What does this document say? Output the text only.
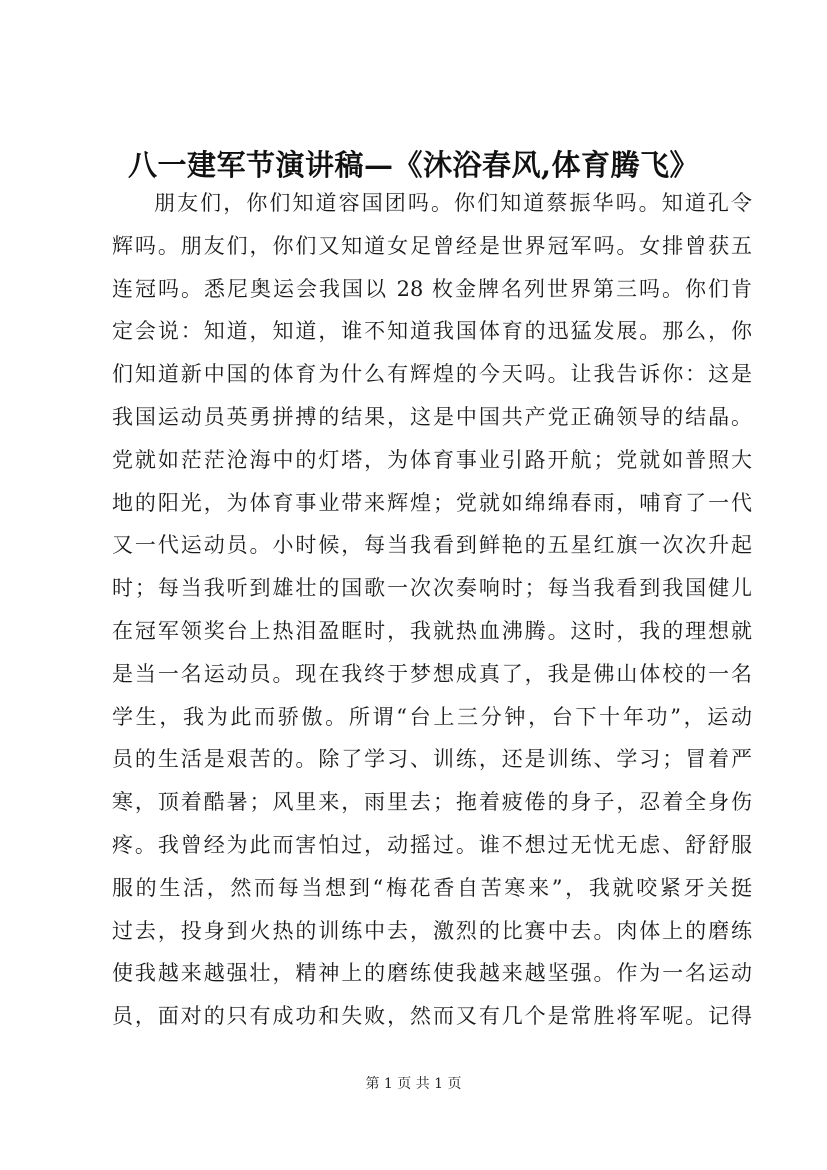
八一建军节演讲稿—《沐浴春风,体育腾飞》
朋友们，你们知道容国团吗。你们知道蔡振华吗。知道孔令
辉吗。朋友们，你们又知道女足曾经是世界冠军吗。女排曾获五
连冠吗。悉尼奥运会我国以 28 枚金牌名列世界第三吗。你们肯
定会说：知道，知道，谁不知道我国体育的迅猛发展。那么，你
们知道新中国的体育为什么有辉煌的今天吗。让我告诉你：这是
我国运动员英勇拼搏的结果，这是中国共产党正确领导的结晶。
党就如茫茫沧海中的灯塔，为体育事业引路开航；党就如普照大
地的阳光，为体育事业带来辉煌；党就如绵绵春雨，哺育了一代
又一代运动员。小时候，每当我看到鲜艳的五星红旗一次次升起
时；每当我听到雄壮的国歌一次次奏响时；每当我看到我国健儿
在冠军领奖台上热泪盈眶时，我就热血沸腾。这时，我的理想就
是当一名运动员。现在我终于梦想成真了，我是佛山体校的一名
学生，我为此而骄傲。所谓“台上三分钟，台下十年功”，运动
员的生活是艰苦的。除了学习、训练，还是训练、学习；冒着严
寒，顶着酷暑；风里来，雨里去；拖着疲倦的身子，忍着全身伤
疼。我曾经为此而害怕过，动摇过。谁不想过无忧无虑、舒舒服
服的生活，然而每当想到“梅花香自苦寒来”，我就咬紧牙关挺
过去，投身到火热的训练中去，激烈的比赛中去。肉体上的磨练
使我越来越强壮，精神上的磨练使我越来越坚强。作为一名运动
员，面对的只有成功和失败，然而又有几个是常胜将军呢。记得
第 1 页 共 1 页
